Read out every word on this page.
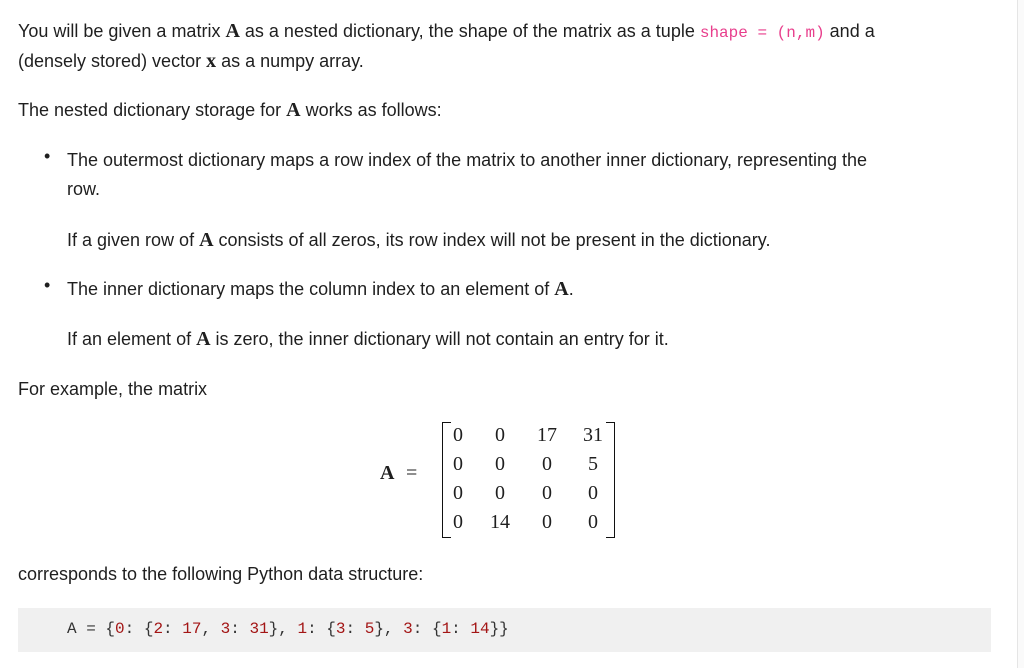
You will be given a matrix A as a nested dictionary, the shape of the matrix as a tuple shape = (n,m) and a

(densely stored) vector x as a numpy array.

The nested dictionary storage for A works as follows:

• The outermost dictionary maps a row index of the matrix to another inner dictionary, representing the
row.

If a given row of A consists of all zeros, its row index will not be present in the dictionary.

• The inner dictionary maps the column index to an element of A.

If an element of A is zero, the inner dictionary will not contain an entry for it.

For example, the matrix

A =
0	0	17	31
0	0	0	5
0	0	0	0
0	14	0	0

corresponds to the following Python data structure:

A = {0: {2: 17, 3: 31}, 1: {3: 5}, 3: {1: 14}}
